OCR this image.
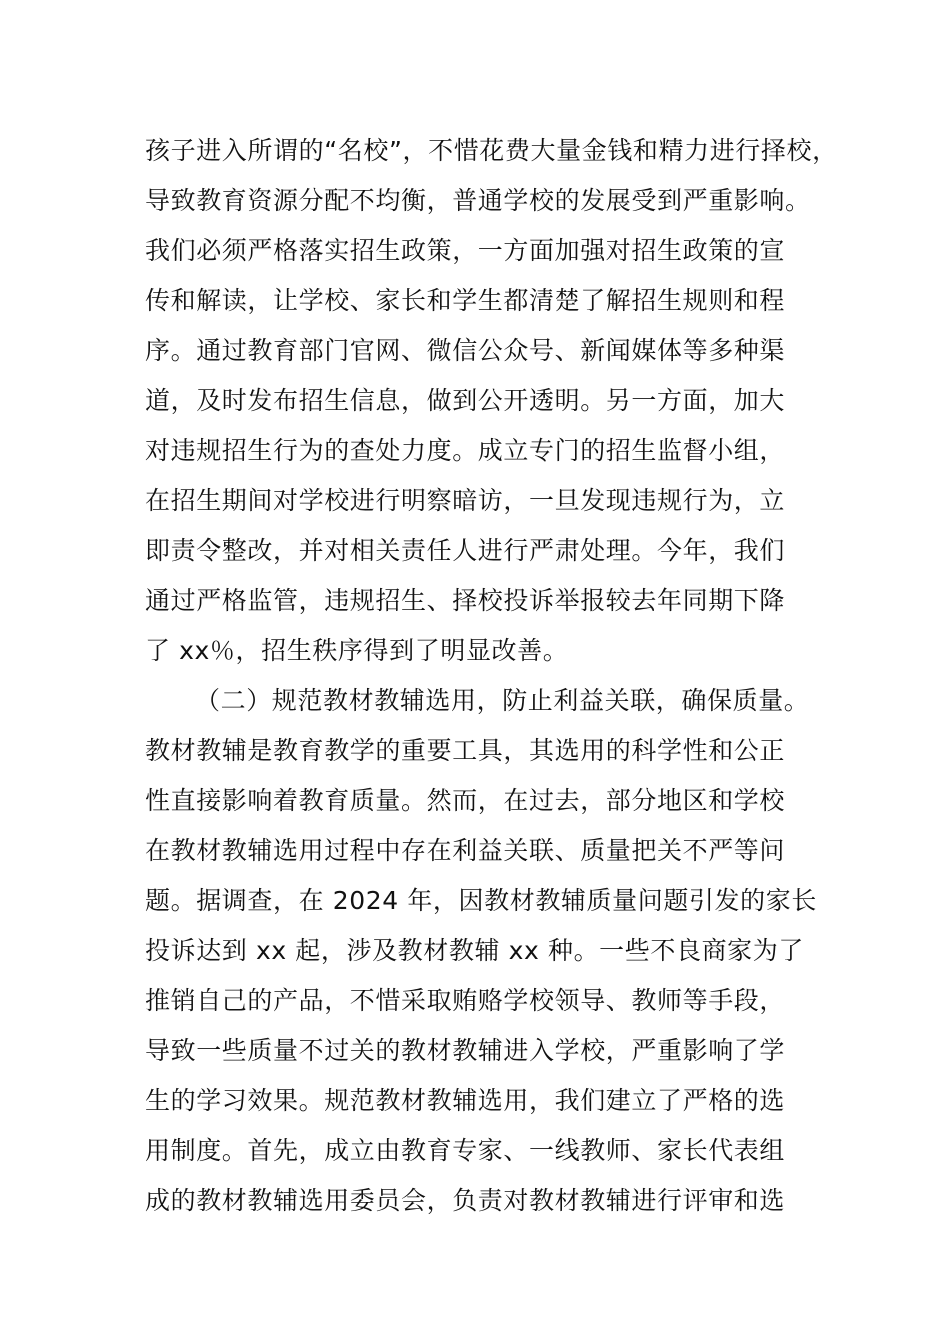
孩子进入所谓的“名校”，不惜花费大量金钱和精力进行择校，
导致教育资源分配不均衡，普通学校的发展受到严重影响。
我们必须严格落实招生政策，一方面加强对招生政策的宣
传和解读，让学校、家长和学生都清楚了解招生规则和程
序。通过教育部门官网、微信公众号、新闻媒体等多种渠
道，及时发布招生信息，做到公开透明。另一方面，加大
对违规招生行为的查处力度。成立专门的招生监督小组，
在招生期间对学校进行明察暗访，一旦发现违规行为，立
即责令整改，并对相关责任人进行严肃处理。今年，我们
通过严格监管，违规招生、择校投诉举报较去年同期下降
了 xx％，招生秩序得到了明显改善。
（二）规范教材教辅选用，防止利益关联，确保质量。
教材教辅是教育教学的重要工具，其选用的科学性和公正
性直接影响着教育质量。然而，在过去，部分地区和学校
在教材教辅选用过程中存在利益关联、质量把关不严等问
题。据调查，在 2024 年，因教材教辅质量问题引发的家长
投诉达到 xx 起，涉及教材教辅 xx 种。一些不良商家为了
推销自己的产品，不惜采取贿赂学校领导、教师等手段，
导致一些质量不过关的教材教辅进入学校，严重影响了学
生的学习效果。规范教材教辅选用，我们建立了严格的选
用制度。首先，成立由教育专家、一线教师、家长代表组
成的教材教辅选用委员会，负责对教材教辅进行评审和选
